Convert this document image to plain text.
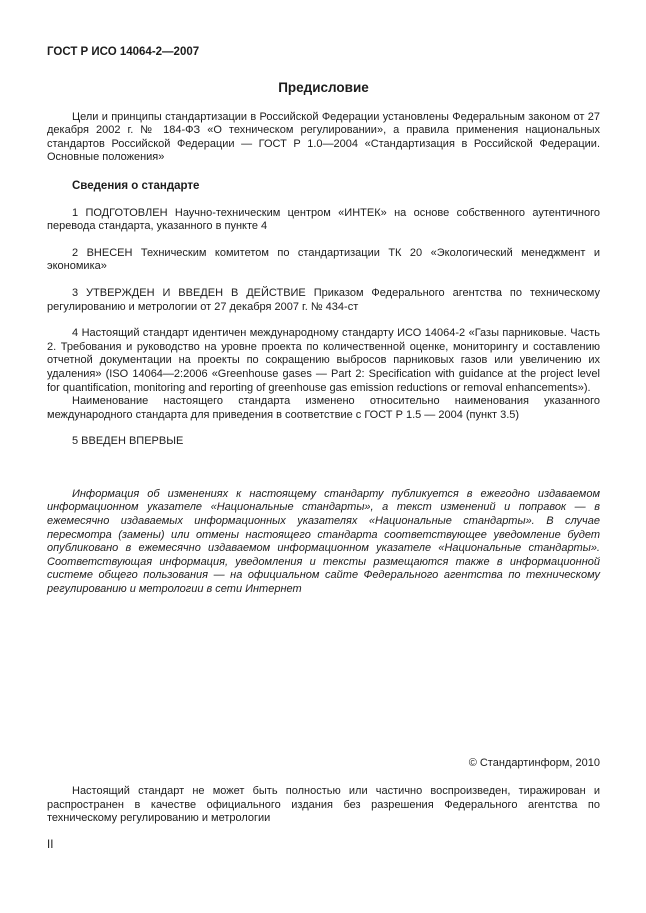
ГОСТ Р ИСО 14064-2—2007

Предисловие

Цели и принципы стандартизации в Российской Федерации установлены Федеральным законом от 27 декабря 2002 г. № 184-ФЗ «О техническом регулировании», а правила применения национальных стандартов Российской Федерации — ГОСТ Р 1.0—2004 «Стандартизация в Российской Федерации. Основные положения»

Сведения о стандарте

1 ПОДГОТОВЛЕН Научно-техническим центром «ИНТЕК» на основе собственного аутентичного перевода стандарта, указанного в пункте 4

2 ВНЕСЕН Техническим комитетом по стандартизации ТК 20 «Экологический менеджмент и экономика»

3 УТВЕРЖДЕН И ВВЕДЕН В ДЕЙСТВИЕ Приказом Федерального агентства по техническому регулированию и метрологии от 27 декабря 2007 г. № 434-ст

4 Настоящий стандарт идентичен международному стандарту ИСО 14064-2 «Газы парниковые. Часть 2. Требования и руководство на уровне проекта по количественной оценке, мониторингу и составлению отчетной документации на проекты по сокращению выбросов парниковых газов или увеличению их удаления» (ISO 14064—2:2006 «Greenhouse gases — Part 2: Specification with guidance at the project level for quantification, monitoring and reporting of greenhouse gas emission reductions or removal enhancements»).

Наименование настоящего стандарта изменено относительно наименования указанного международного стандарта для приведения в соответствие с ГОСТ Р 1.5 — 2004 (пункт 3.5)

5 ВВЕДЕН ВПЕРВЫЕ

Информация об изменениях к настоящему стандарту публикуется в ежегодно издаваемом информационном указателе «Национальные стандарты», а текст изменений и поправок — в ежемесячно издаваемых информационных указателях «Национальные стандарты». В случае пересмотра (замены) или отмены настоящего стандарта соответствующее уведомление будет опубликовано в ежемесячно издаваемом информационном указателе «Национальные стандарты». Соответствующая информация, уведомления и тексты размещаются также в информационной системе общего пользования — на официальном сайте Федерального агентства по техническому регулированию и метрологии в сети Интернет

© Стандартинформ, 2010

Настоящий стандарт не может быть полностью или частично воспроизведен, тиражирован и распространен в качестве официального издания без разрешения Федерального агентства по техническому регулированию и метрологии

II
